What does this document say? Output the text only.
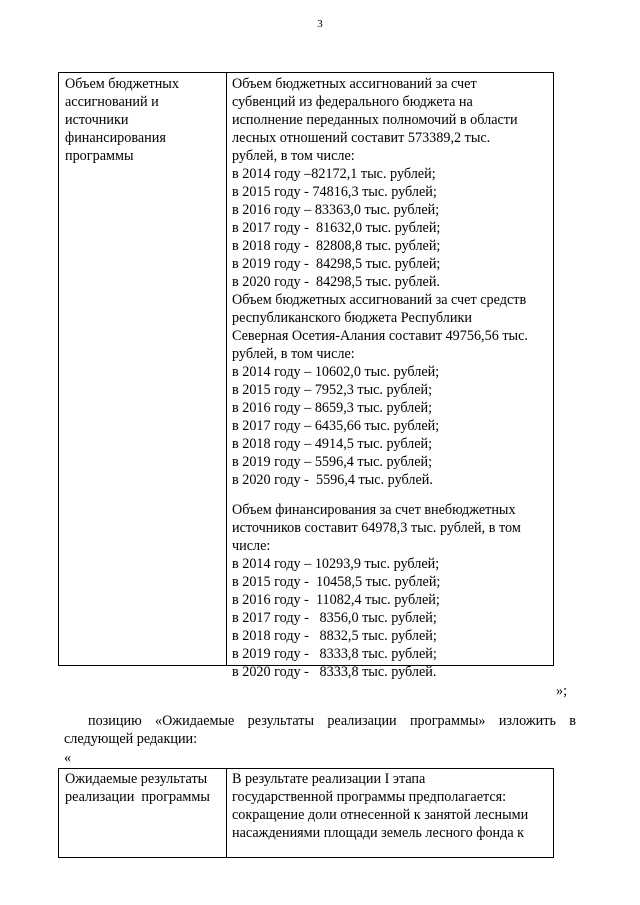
3
Объем бюджетных
ассигнований и
источники
финансирования
программы
Объем бюджетных ассигнований за счет
субвенций из федерального бюджета на
исполнение переданных полномочий в области
лесных отношений составит 573389,2 тыс.
рублей, в том числе:
в 2014 году –82172,1 тыс. рублей;
в 2015 году - 74816,3 тыс. рублей;
в 2016 году – 83363,0 тыс. рублей;
в 2017 году -  81632,0 тыс. рублей;
в 2018 году -  82808,8 тыс. рублей;
в 2019 году -  84298,5 тыс. рублей;
в 2020 году -  84298,5 тыс. рублей.
Объем бюджетных ассигнований за счет средств
республиканского бюджета Республики
Северная Осетия-Алания составит 49756,56 тыс.
рублей, в том числе:
в 2014 году – 10602,0 тыс. рублей;
в 2015 году – 7952,3 тыс. рублей;
в 2016 году – 8659,3 тыс. рублей;
в 2017 году – 6435,66 тыс. рублей;
в 2018 году – 4914,5 тыс. рублей;
в 2019 году – 5596,4 тыс. рублей;
в 2020 году -  5596,4 тыс. рублей.
Объем финансирования за счет внебюджетных
источников составит 64978,3 тыс. рублей, в том
числе:
в 2014 году – 10293,9 тыс. рублей;
в 2015 году -  10458,5 тыс. рублей;
в 2016 году -  11082,4 тыс. рублей;
в 2017 году -   8356,0 тыс. рублей;
в 2018 году -   8832,5 тыс. рублей;
в 2019 году -   8333,8 тыс. рублей;
в 2020 году -   8333,8 тыс. рублей.
»;
позицию «Ожидаемые результаты реализации программы» изложить в
следующей редакции:
«
Ожидаемые результаты
реализации  программы
В результате реализации I этапа
государственной программы предполагается:
сокращение доли отнесенной к занятой лесными
насаждениями площади земель лесного фонда к
